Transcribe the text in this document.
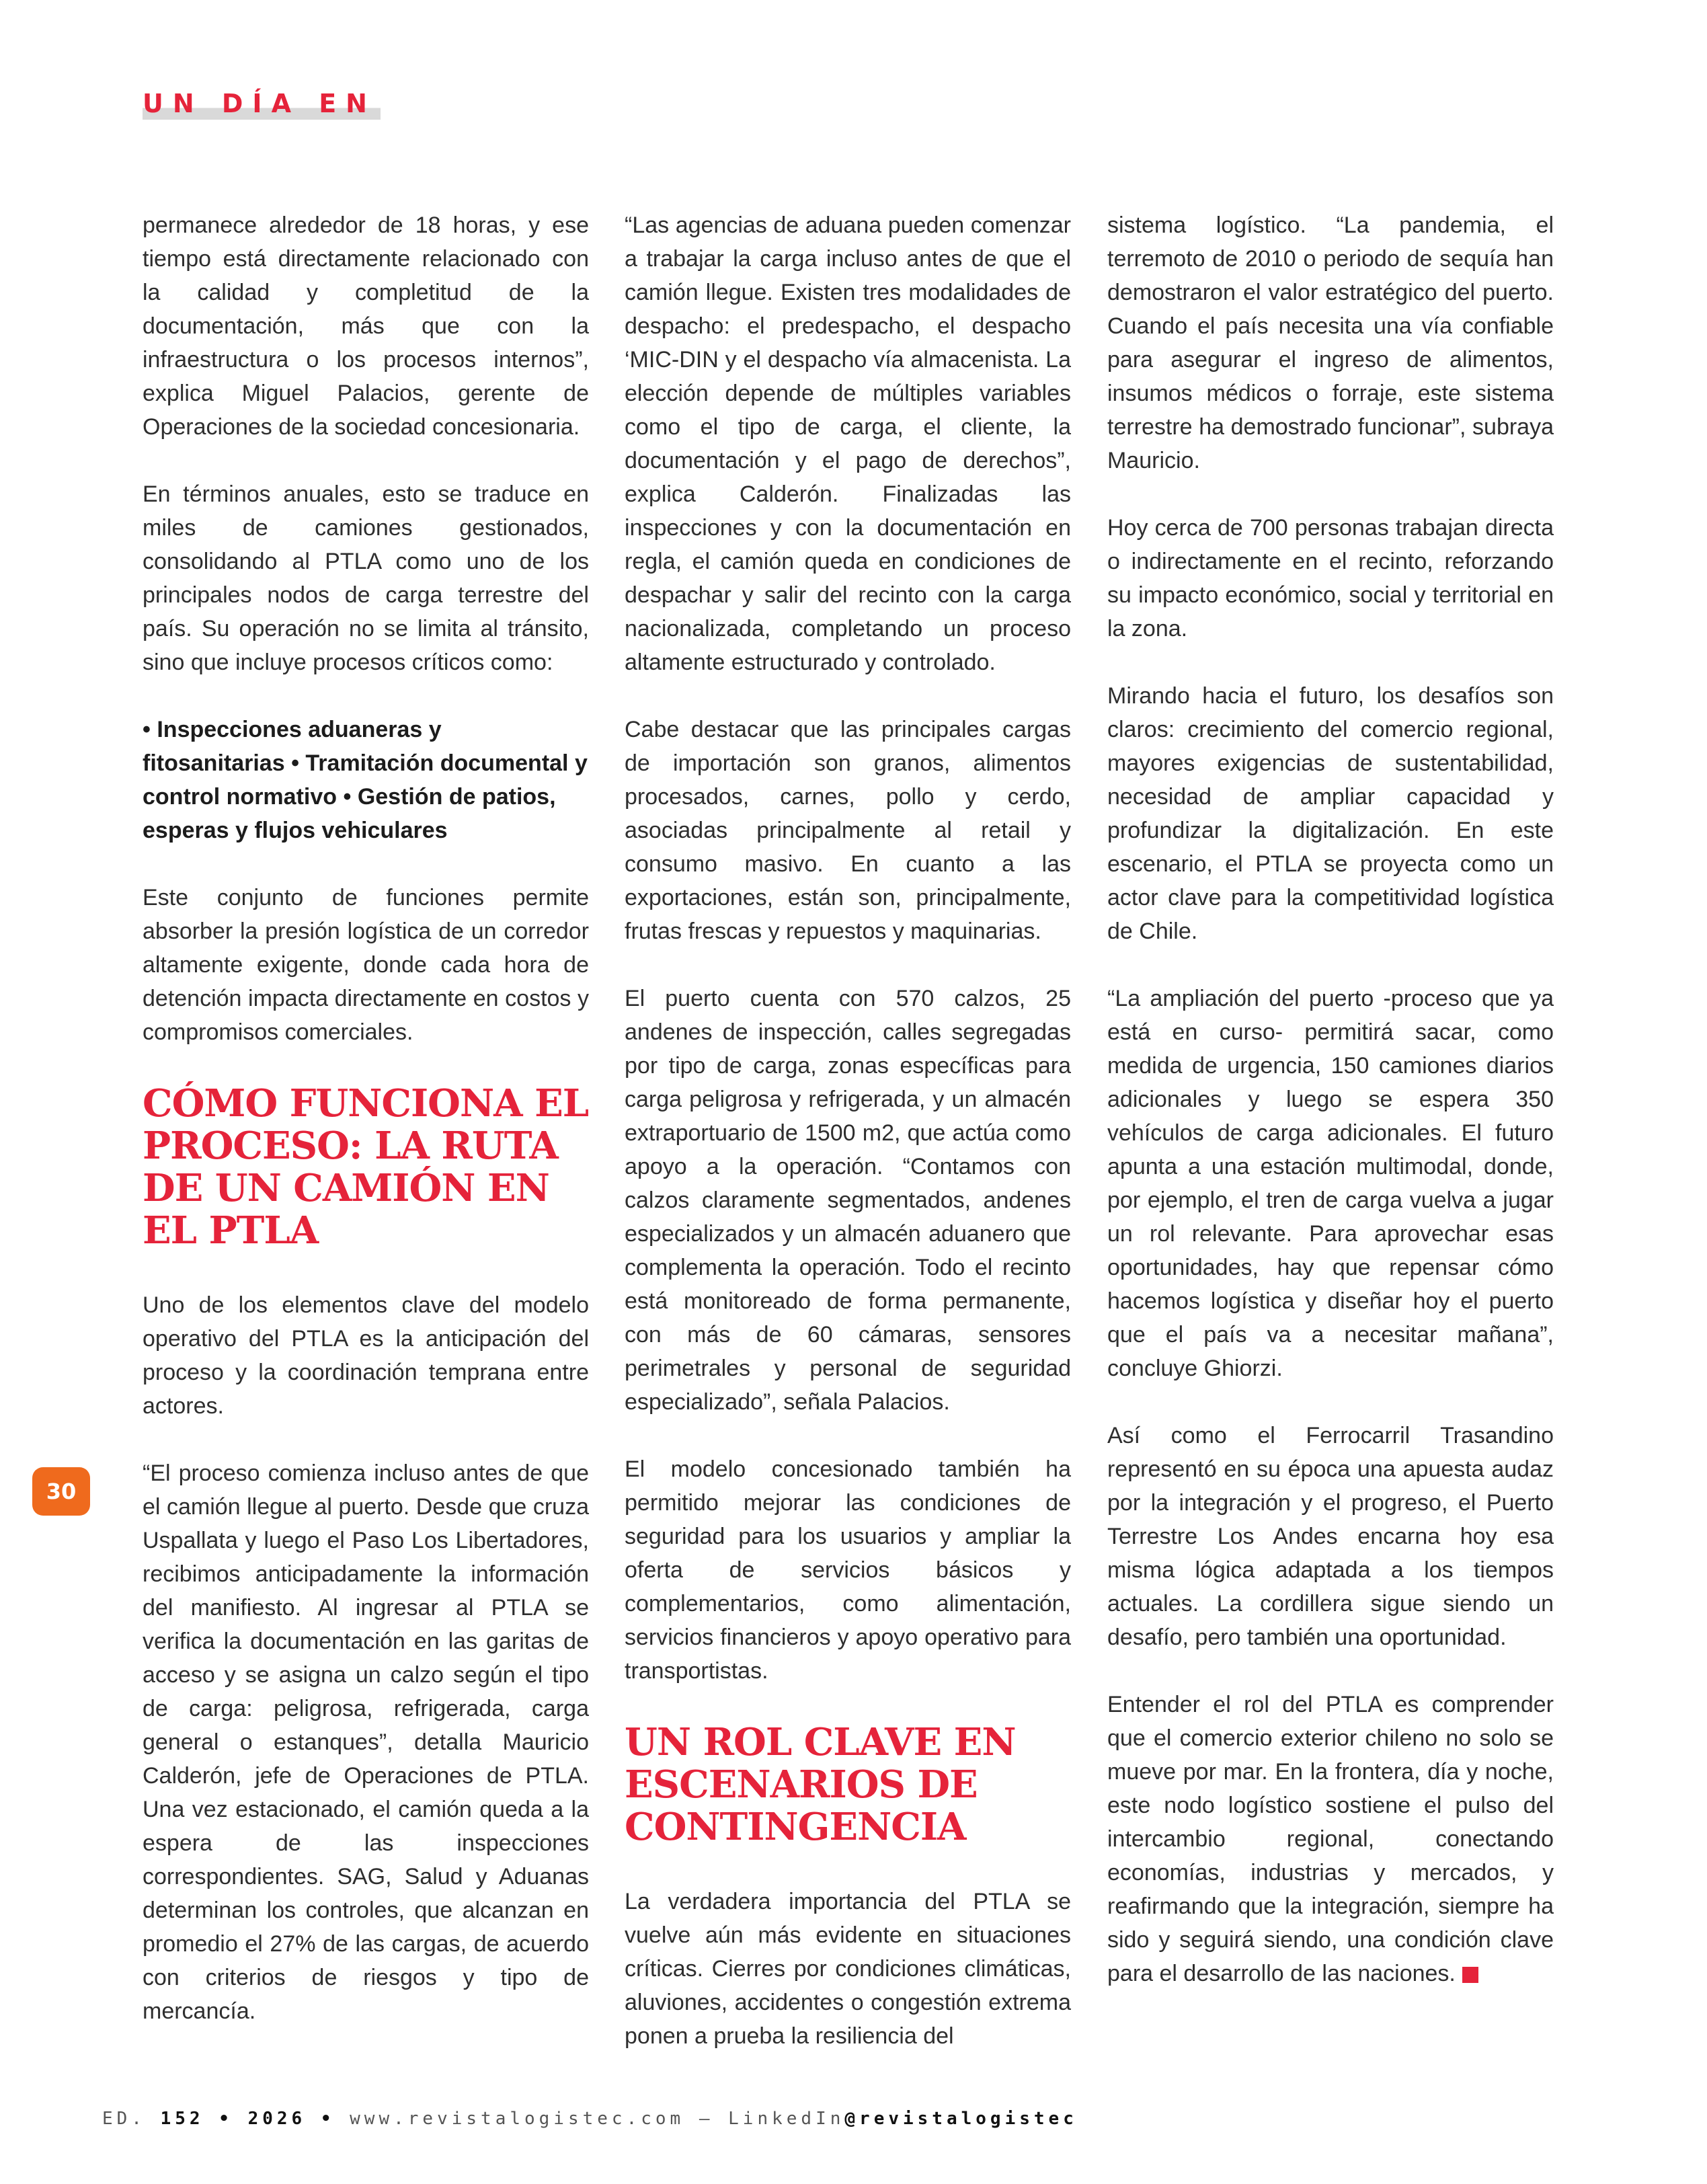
UN DÍA EN

permanece alrededor de 18 horas, y ese tiempo está directamente relacionado con la calidad y completitud de la documentación, más que con la infraestructura o los procesos internos”, explica Miguel Palacios, gerente de Operaciones de la sociedad concesionaria.

En términos anuales, esto se traduce en miles de camiones gestionados, consolidando al PTLA como uno de los principales nodos de carga terrestre del país. Su operación no se limita al tránsito, sino que incluye procesos críticos como:

• Inspecciones aduaneras y fitosanitarias • Tramitación documental y control normativo • Gestión de patios, esperas y flujos vehiculares

Este conjunto de funciones permite absorber la presión logística de un corredor altamente exigente, donde cada hora de detención impacta directamente en costos y compromisos comerciales.

CÓMO FUNCIONA EL PROCESO: LA RUTA DE UN CAMIÓN EN EL PTLA

Uno de los elementos clave del modelo operativo del PTLA es la anticipación del proceso y la coordinación temprana entre actores.

“El proceso comienza incluso antes de que el camión llegue al puerto. Desde que cruza Uspallata y luego el Paso Los Libertadores, recibimos anticipadamente la información del manifiesto. Al ingresar al PTLA se verifica la documentación en las garitas de acceso y se asigna un calzo según el tipo de carga: peligrosa, refrigerada, carga general o estanques”, detalla Mauricio Calderón, jefe de Operaciones de PTLA. Una vez estacionado, el camión queda a la espera de las inspecciones correspondientes. SAG, Salud y Aduanas determinan los controles, que alcanzan en promedio el 27% de las cargas, de acuerdo con criterios de riesgos y tipo de mercancía.

“Las agencias de aduana pueden comenzar a trabajar la carga incluso antes de que el camión llegue. Existen tres modalidades de despacho: el predespacho, el despacho ‘MIC-DIN y el despacho vía almacenista. La elección depende de múltiples variables como el tipo de carga, el cliente, la documentación y el pago de derechos”, explica Calderón. Finalizadas las inspecciones y con la documentación en regla, el camión queda en condiciones de despachar y salir del recinto con la carga nacionalizada, completando un proceso altamente estructurado y controlado.

Cabe destacar que las principales cargas de importación son granos, alimentos procesados, carnes, pollo y cerdo, asociadas principalmente al retail y consumo masivo. En cuanto a las exportaciones, están son, principalmente, frutas frescas y repuestos y maquinarias.

El puerto cuenta con 570 calzos, 25 andenes de inspección, calles segregadas por tipo de carga, zonas específicas para carga peligrosa y refrigerada, y un almacén extraportuario de 1500 m2, que actúa como apoyo a la operación. “Contamos con calzos claramente segmentados, andenes especializados y un almacén aduanero que complementa la operación. Todo el recinto está monitoreado de forma permanente, con más de 60 cámaras, sensores perimetrales y personal de seguridad especializado”, señala Palacios.

El modelo concesionado también ha permitido mejorar las condiciones de seguridad para los usuarios y ampliar la oferta de servicios básicos y complementarios, como alimentación, servicios financieros y apoyo operativo para transportistas.

UN ROL CLAVE EN ESCENARIOS DE CONTINGENCIA

La verdadera importancia del PTLA se vuelve aún más evidente en situaciones críticas. Cierres por condiciones climáticas, aluviones, accidentes o congestión extrema ponen a prueba la resiliencia del

sistema logístico. “La pandemia, el terremoto de 2010 o periodo de sequía han demostraron el valor estratégico del puerto. Cuando el país necesita una vía confiable para asegurar el ingreso de alimentos, insumos médicos o forraje, este sistema terrestre ha demostrado funcionar”, subraya Mauricio.

Hoy cerca de 700 personas trabajan directa o indirectamente en el recinto, reforzando su impacto económico, social y territorial en la zona.

Mirando hacia el futuro, los desafíos son claros: crecimiento del comercio regional, mayores exigencias de sustentabilidad, necesidad de ampliar capacidad y profundizar la digitalización. En este escenario, el PTLA se proyecta como un actor clave para la competitividad logística de Chile.

“La ampliación del puerto -proceso que ya está en curso- permitirá sacar, como medida de urgencia, 150 camiones diarios adicionales y luego se espera 350 vehículos de carga adicionales. El futuro apunta a una estación multimodal, donde, por ejemplo, el tren de carga vuelva a jugar un rol relevante. Para aprovechar esas oportunidades, hay que repensar cómo hacemos logística y diseñar hoy el puerto que el país va a necesitar mañana”, concluye Ghiorzi.

Así como el Ferrocarril Trasandino representó en su época una apuesta audaz por la integración y el progreso, el Puerto Terrestre Los Andes encarna hoy esa misma lógica adaptada a los tiempos actuales. La cordillera sigue siendo un desafío, pero también una oportunidad.

Entender el rol del PTLA es comprender que el comercio exterior chileno no solo se mueve por mar. En la frontera, día y noche, este nodo logístico sostiene el pulso del intercambio regional, conectando economías, industrias y mercados, y reafirmando que la integración, siempre ha sido y seguirá siendo, una condición clave para el desarrollo de las naciones.

30
ED. 152 • 2026 • www.revistalogistec.com – LinkedIn@revistalogistec
